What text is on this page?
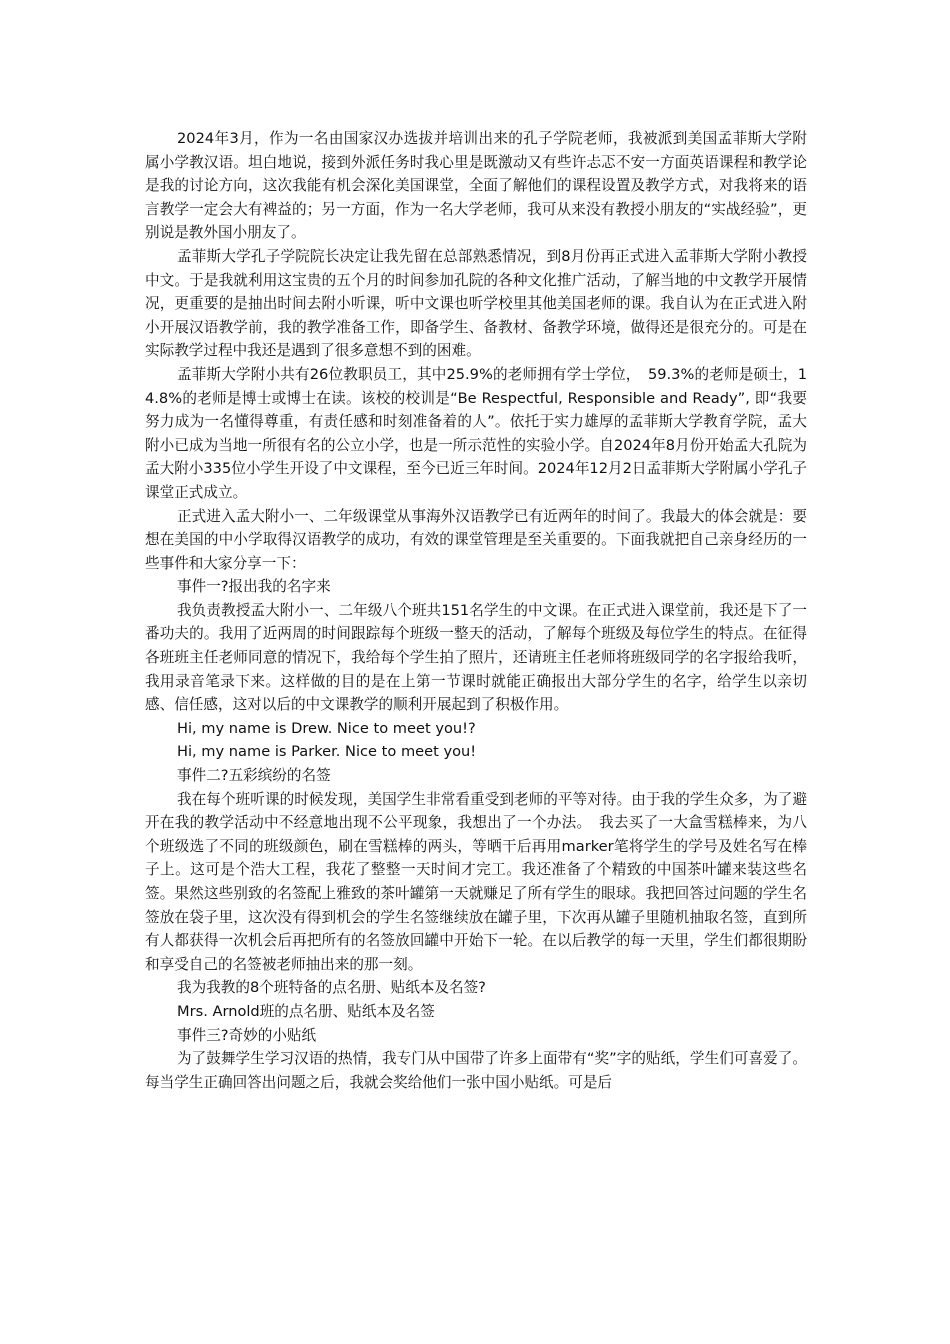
2024年3月，作为一名由国家汉办选拔并培训出来的孔子学院老师，我被派到美国孟菲斯大学附属小学教汉语。坦白地说，接到外派任务时我心里是既激动又有些许忐忑不安一方面英语课程和教学论是我的讨论方向，这次我能有机会深化美国课堂，全面了解他们的课程设置及教学方式，对我将来的语言教学一定会大有裨益的；另一方面，作为一名大学老师，我可从来没有教授小朋友的“实战经验”，更别说是教外国小朋友了。

孟菲斯大学孔子学院院长决定让我先留在总部熟悉情况，到8月份再正式进入孟菲斯大学附小教授中文。于是我就利用这宝贵的五个月的时间参加孔院的各种文化推广活动，了解当地的中文教学开展情况，更重要的是抽出时间去附小听课，听中文课也听学校里其他美国老师的课。我自认为在正式进入附小开展汉语教学前，我的教学准备工作，即备学生、备教材、备教学环境，做得还是很充分的。可是在实际教学过程中我还是遇到了很多意想不到的困难。

孟菲斯大学附小共有26位教职员工，其中25.9%的老师拥有学士学位，　59.3%的老师是硕士，14.8%的老师是博士或博士在读。该校的校训是“Be Respectful, Responsible and Ready”, 即“我要努力成为一名懂得尊重，有责任感和时刻准备着的人”。依托于实力雄厚的孟菲斯大学教育学院，孟大附小已成为当地一所很有名的公立小学，也是一所示范性的实验小学。自2024年8月份开始孟大孔院为孟大附小335位小学生开设了中文课程，至今已近三年时间。2024年12月2日孟菲斯大学附属小学孔子课堂正式成立。

正式进入孟大附小一、二年级课堂从事海外汉语教学已有近两年的时间了。我最大的体会就是：要想在美国的中小学取得汉语教学的成功，有效的课堂管理是至关重要的。下面我就把自己亲身经历的一些事件和大家分享一下：

事件一?报出我的名字来

我负责教授孟大附小一、二年级八个班共151名学生的中文课。在正式进入课堂前，我还是下了一番功夫的。我用了近两周的时间跟踪每个班级一整天的活动，了解每个班级及每位学生的特点。在征得各班班主任老师同意的情况下，我给每个学生拍了照片，还请班主任老师将班级同学的名字报给我听，我用录音笔录下来。这样做的目的是在上第一节课时就能正确报出大部分学生的名字，给学生以亲切感、信任感，这对以后的中文课教学的顺利开展起到了积极作用。

Hi, my name is Drew. Nice to meet you!?

Hi, my name is Parker. Nice to meet you!

事件二?五彩缤纷的名签

我在每个班听课的时候发现，美国学生非常看重受到老师的平等对待。由于我的学生众多，为了避开在我的教学活动中不经意地出现不公平现象，我想出了一个办法。　我去买了一大盒雪糕棒来，为八个班级选了不同的班级颜色，刷在雪糕棒的两头，等晒干后再用marker笔将学生的学号及姓名写在棒子上。这可是个浩大工程，我花了整整一天时间才完工。我还准备了个精致的中国茶叶罐来装这些名签。果然这些别致的名签配上雅致的茶叶罐第一天就赚足了所有学生的眼球。我把回答过问题的学生名签放在袋子里，这次没有得到机会的学生名签继续放在罐子里，下次再从罐子里随机抽取名签，直到所有人都获得一次机会后再把所有的名签放回罐中开始下一轮。在以后教学的每一天里，学生们都很期盼和享受自己的名签被老师抽出来的那一刻。

我为我教的8个班特备的点名册、贴纸本及名签?

Mrs. Arnold班的点名册、贴纸本及名签

事件三?奇妙的小贴纸

为了鼓舞学生学习汉语的热情，我专门从中国带了许多上面带有“奖”字的贴纸，学生们可喜爱了。每当学生正确回答出问题之后，我就会奖给他们一张中国小贴纸。可是后
